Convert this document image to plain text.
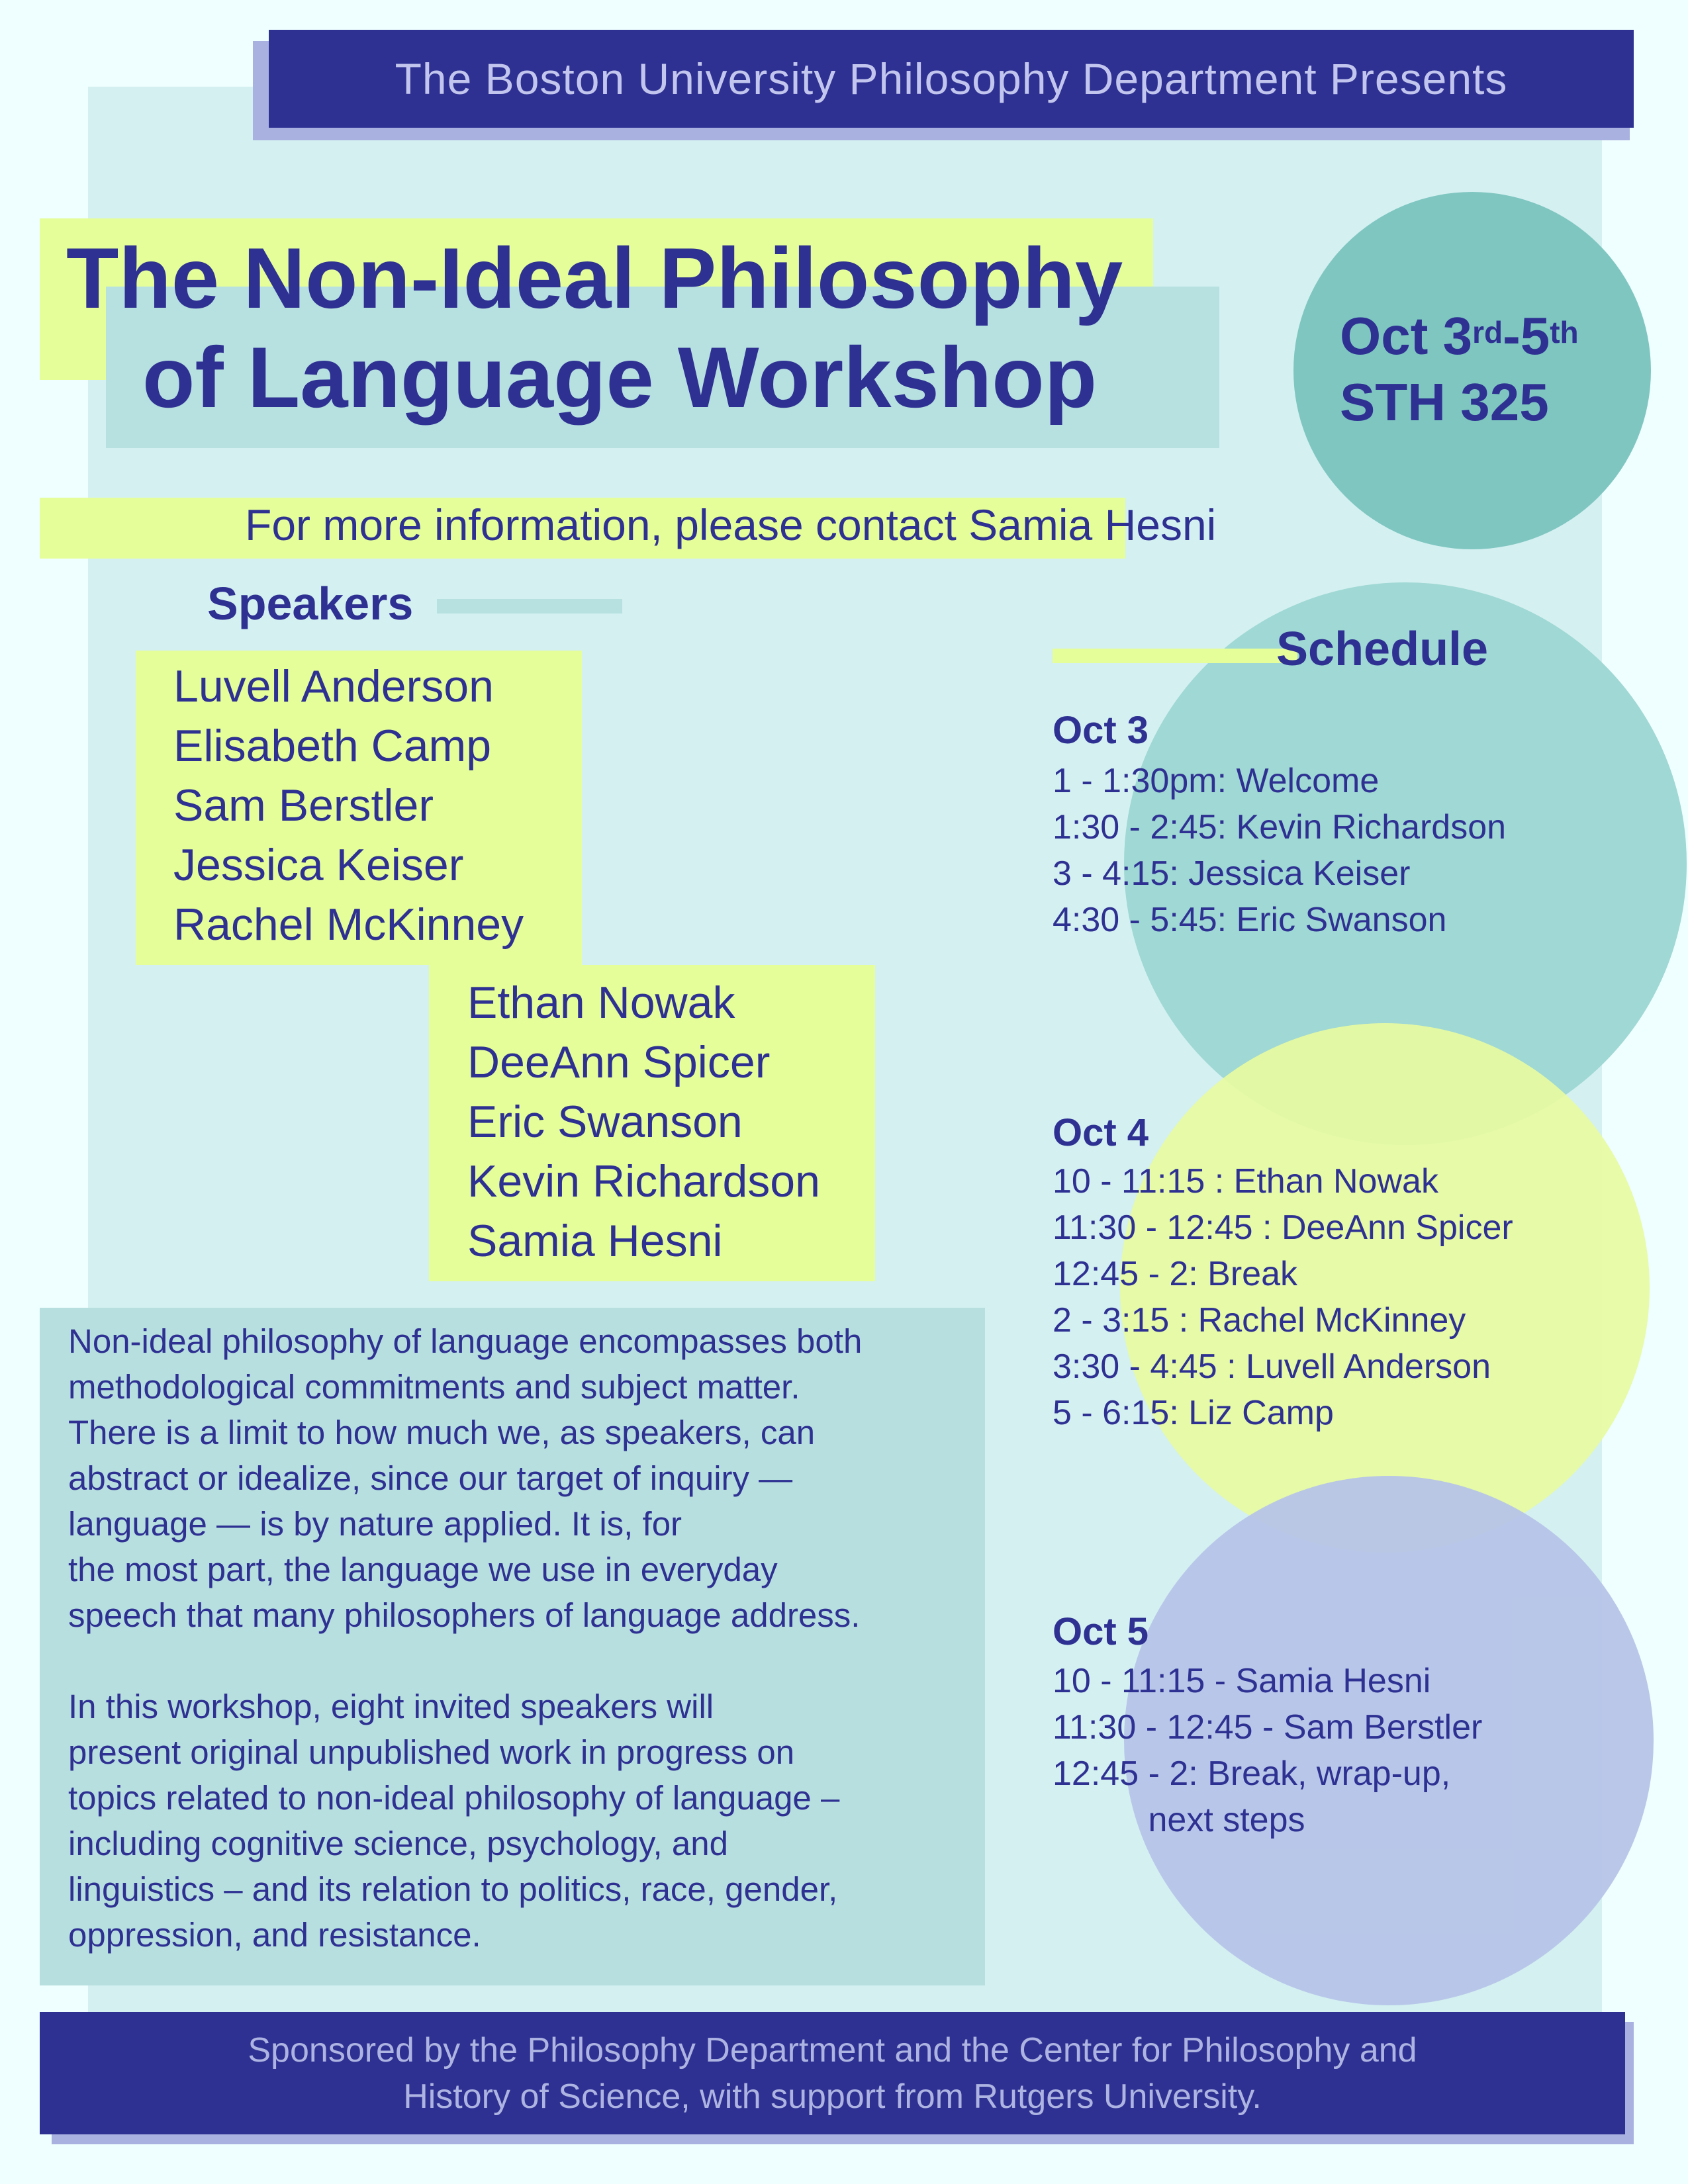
The Boston University Philosophy Department Presents
The Non-Ideal Philosophy
of Language Workshop	Oct 3rd-5th
STH 325
For more information, please contact Samia Hesni
Speakers
Luvell Anderson
Elisabeth Camp
Sam Berstler
Jessica Keiser
Rachel McKinney
Ethan Nowak
DeeAnn Spicer
Eric Swanson
Kevin Richardson
Samia Hesni

Non-ideal philosophy of language encompasses both
methodological commitments and subject matter.
There is a limit to how much we, as speakers, can
abstract or idealize, since our target of inquiry —
language — is by nature applied. It is, for
the most part, the language we use in everyday
speech that many philosophers of language address.

In this workshop, eight invited speakers will
present original unpublished work in progress on
topics related to non-ideal philosophy of language –
including cognitive science, psychology, and
linguistics – and its relation to politics, race, gender,
oppression, and resistance.

Schedule
Oct 3
1 - 1:30pm: Welcome
1:30 - 2:45: Kevin Richardson
3 - 4:15: Jessica Keiser
4:30 - 5:45: Eric Swanson
Oct 4
10 - 11:15 : Ethan Nowak
11:30 - 12:45 : DeeAnn Spicer
12:45 - 2: Break
2 - 3:15 : Rachel McKinney
3:30 - 4:45 : Luvell Anderson
5 - 6:15: Liz Camp
Oct 5
10 - 11:15 - Samia Hesni
11:30 - 12:45 - Sam Berstler
12:45 - 2: Break, wrap-up,
next steps
Sponsored by the Philosophy Department and the Center for Philosophy and
History of Science, with support from Rutgers University.
